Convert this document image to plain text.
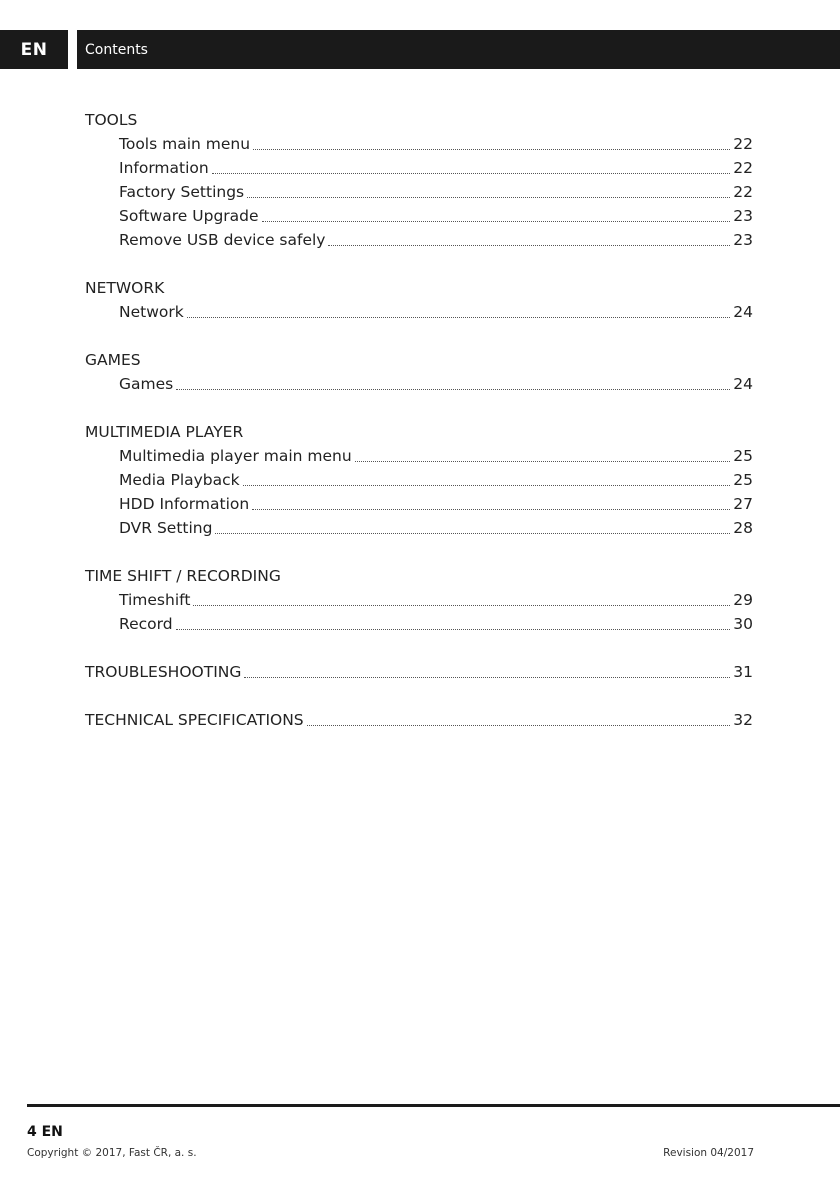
EN	Contents
TOOLS
Tools main menu	22
Information	22
Factory Settings	22
Software Upgrade	23
Remove USB device safely	23
NETWORK
Network	24
GAMES
Games	24
MULTIMEDIA PLAYER
Multimedia player main menu	25
Media Playback	25
HDD Information	27
DVR Setting	28
TIME SHIFT / RECORDING
Timeshift	29
Record	30
TROUBLESHOOTING	31
TECHNICAL SPECIFICATIONS	32
4 EN
Copyright © 2017, Fast ČR, a. s.	Revision 04/2017
